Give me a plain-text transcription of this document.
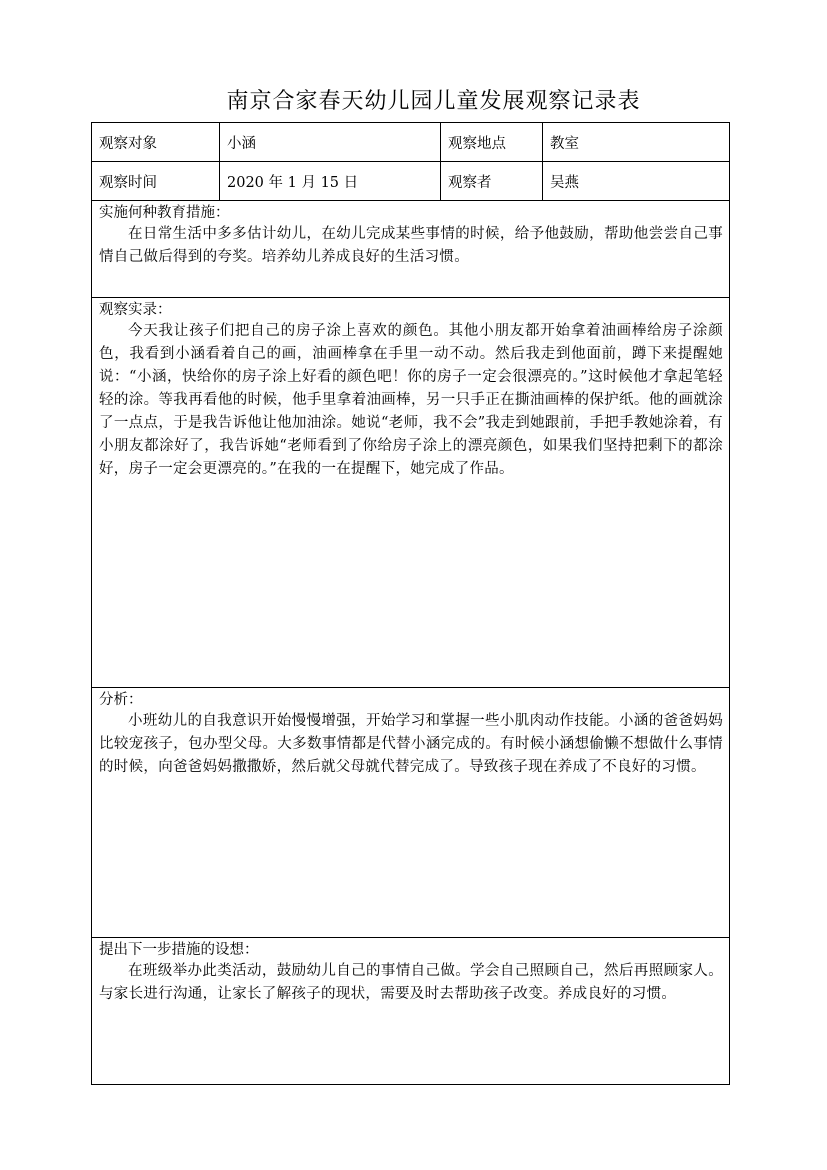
南京合家春天幼儿园儿童发展观察记录表
观察对象	小涵	观察地点	教室
观察时间	2020 年 1 月 15 日	观察者	吴燕

实施何种教育措施：
在日常生活中多多估计幼儿，在幼儿完成某些事情的时候，给予他鼓励，帮助他尝尝自己事情自己做后得到的夸奖。培养幼儿养成良好的生活习惯。			

观察实录：
今天我让孩子们把自己的房子涂上喜欢的颜色。其他小朋友都开始拿着油画棒给房子涂颜色，我看到小涵看着自己的画，油画棒拿在手里一动不动。然后我走到他面前，蹲下来提醒她说：“小涵，快给你的房子涂上好看的颜色吧！你的房子一定会很漂亮的。”这时候他才拿起笔轻轻的涂。等我再看他的时候，他手里拿着油画棒，另一只手正在撕油画棒的保护纸。他的画就涂了一点点，于是我告诉他让他加油涂。她说“老师，我不会”我走到她跟前，手把手教她涂着，有小朋友都涂好了，我告诉她“老师看到了你给房子涂上的漂亮颜色，如果我们坚持把剩下的都涂好，房子一定会更漂亮的。”在我的一在提醒下，她完成了作品。			

分析：
小班幼儿的自我意识开始慢慢增强，开始学习和掌握一些小肌肉动作技能。小涵的爸爸妈妈比较宠孩子，包办型父母。大多数事情都是代替小涵完成的。有时候小涵想偷懒不想做什么事情的时候，向爸爸妈妈撒撒娇，然后就父母就代替完成了。导致孩子现在养成了不良好的习惯。			

提出下一步措施的设想：
在班级举办此类活动，鼓励幼儿自己的事情自己做。学会自己照顾自己，然后再照顾家人。与家长进行沟通，让家长了解孩子的现状，需要及时去帮助孩子改变。养成良好的习惯。			
